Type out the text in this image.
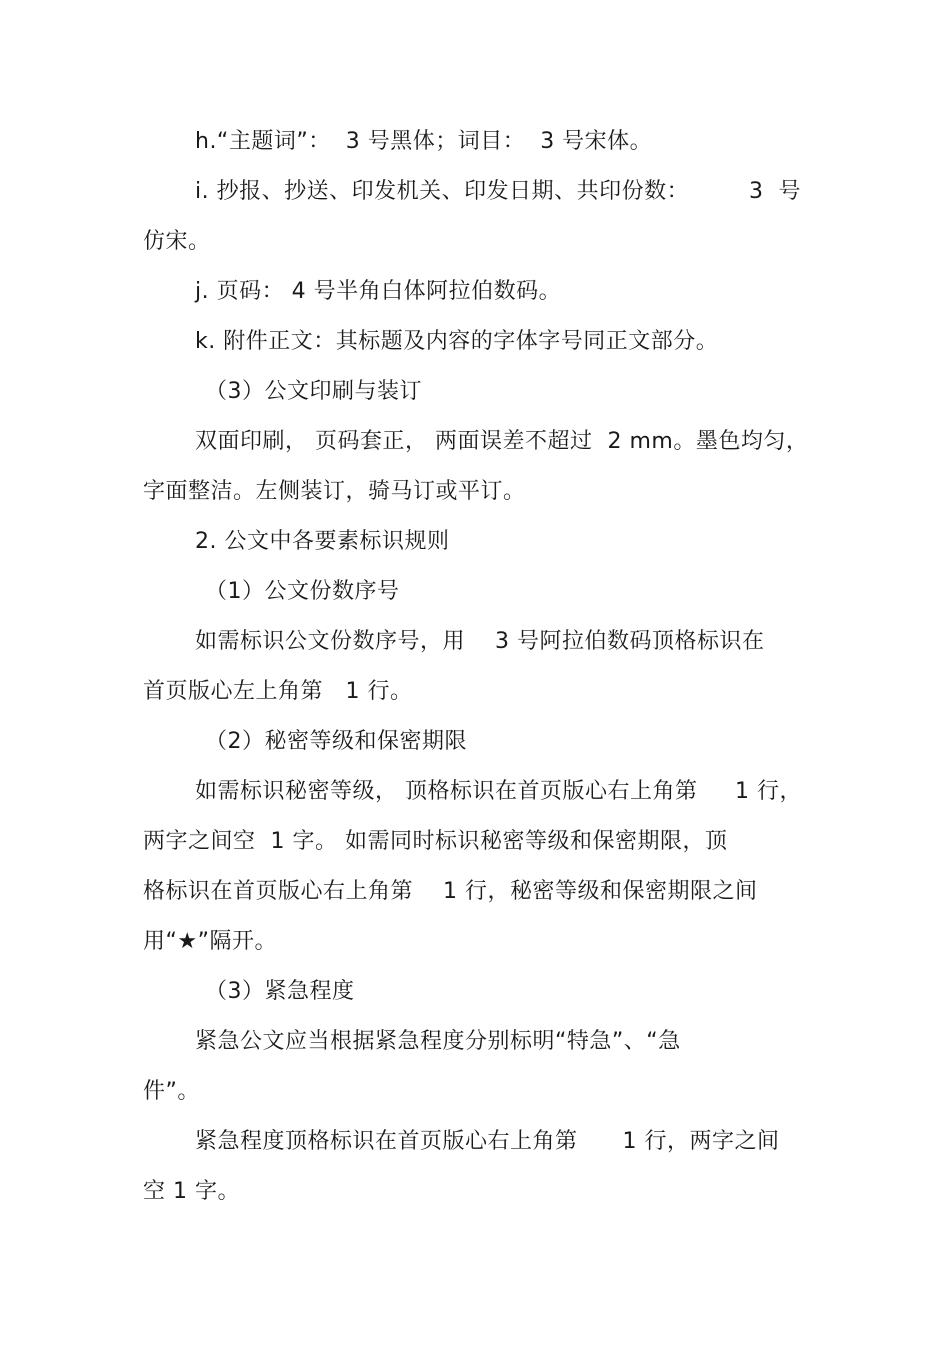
h.“主题词”：  3 号黑体；词目：  3 号宋体。
i. 抄报、抄送、印发机关、印发日期、共印份数：        3  号
仿宋。
j. 页码： 4 号半角白体阿拉伯数码。
k. 附件正文：其标题及内容的字体字号同正文部分。
（3）公文印刷与装订
双面印刷， 页码套正， 两面误差不超过  2 mm。墨色均匀，
字面整洁。左侧装订，骑马订或平订。
2. 公文中各要素标识规则
（1）公文份数序号
如需标识公文份数序号，用    3 号阿拉伯数码顶格标识在
首页版心左上角第   1 行。
（2）秘密等级和保密期限
如需标识秘密等级， 顶格标识在首页版心右上角第     1 行，
两字之间空  1 字。 如需同时标识秘密等级和保密期限，顶
格标识在首页版心右上角第    1 行，秘密等级和保密期限之间
用“★”隔开。
（3）紧急程度
紧急公文应当根据紧急程度分别标明“特急”、“急
件”。
紧急程度顶格标识在首页版心右上角第      1 行，两字之间
空 1 字。
